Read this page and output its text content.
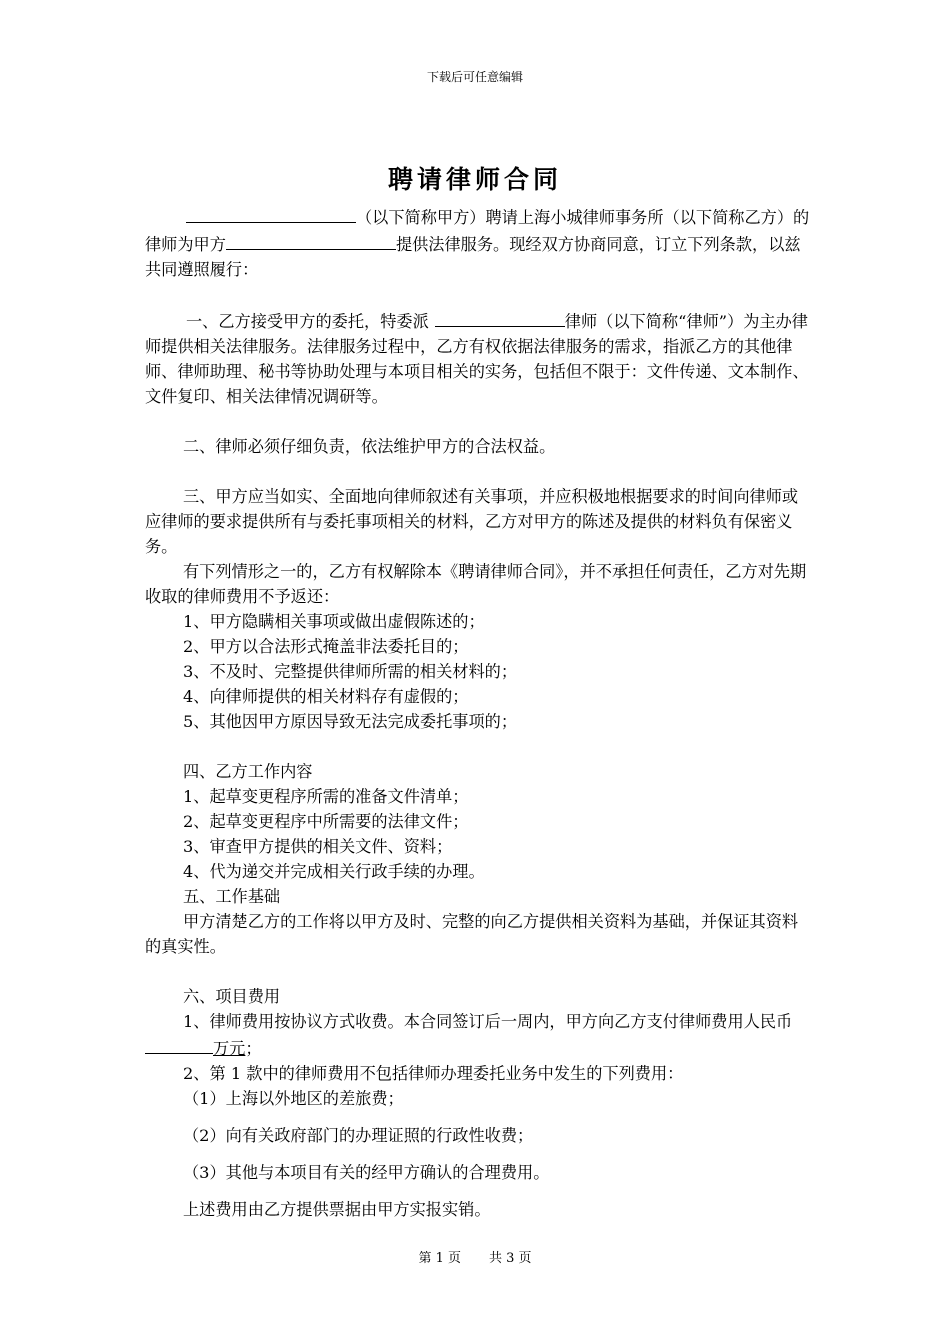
下载后可任意编辑
聘请律师合同

（以下简称甲方）聘请上海小城律师事务所（以下简称乙方）的律师为甲方	提供法律服务。现经双方协商同意，订立下列条款，以兹共同遵照履行：

一、乙方接受甲方的委托，特委派	律师（以下简称“律师”）为主办律师提供相关法律服务。法律服务过程中，乙方有权依据法律服务的需求，指派乙方的其他律师、律师助理、秘书等协助处理与本项目相关的实务，包括但不限于：文件传递、文本制作、文件复印、相关法律情况调研等。

二、律师必须仔细负责，依法维护甲方的合法权益。

三、甲方应当如实、全面地向律师叙述有关事项，并应积极地根据要求的时间向律师或应律师的要求提供所有与委托事项相关的材料，乙方对甲方的陈述及提供的材料负有保密义务。

有下列情形之一的，乙方有权解除本《聘请律师合同》，并不承担任何责任，乙方对先期收取的律师费用不予返还：

1、甲方隐瞒相关事项或做出虚假陈述的；

2、甲方以合法形式掩盖非法委托目的；

3、不及时、完整提供律师所需的相关材料的；

4、向律师提供的相关材料存有虚假的；

5、其他因甲方原因导致无法完成委托事项的；

四、乙方工作内容

1、起草变更程序所需的准备文件清单；

2、起草变更程序中所需要的法律文件；

3、审查甲方提供的相关文件、资料；

4、代为递交并完成相关行政手续的办理。

五、工作基础

甲方清楚乙方的工作将以甲方及时、完整的向乙方提供相关资料为基础，并保证其资料的真实性。

六、项目费用

1、律师费用按协议方式收费。本合同签订后一周内，甲方向乙方支付律师费用人民币万元；

2、第 1 款中的律师费用不包括律师办理委托业务中发生的下列费用：

（1）上海以外地区的差旅费；

（2）向有关政府部门的办理证照的行政性收费；

（3）其他与本项目有关的经甲方确认的合理费用。

上述费用由乙方提供票据由甲方实报实销。

第 1 页 共 3 页
